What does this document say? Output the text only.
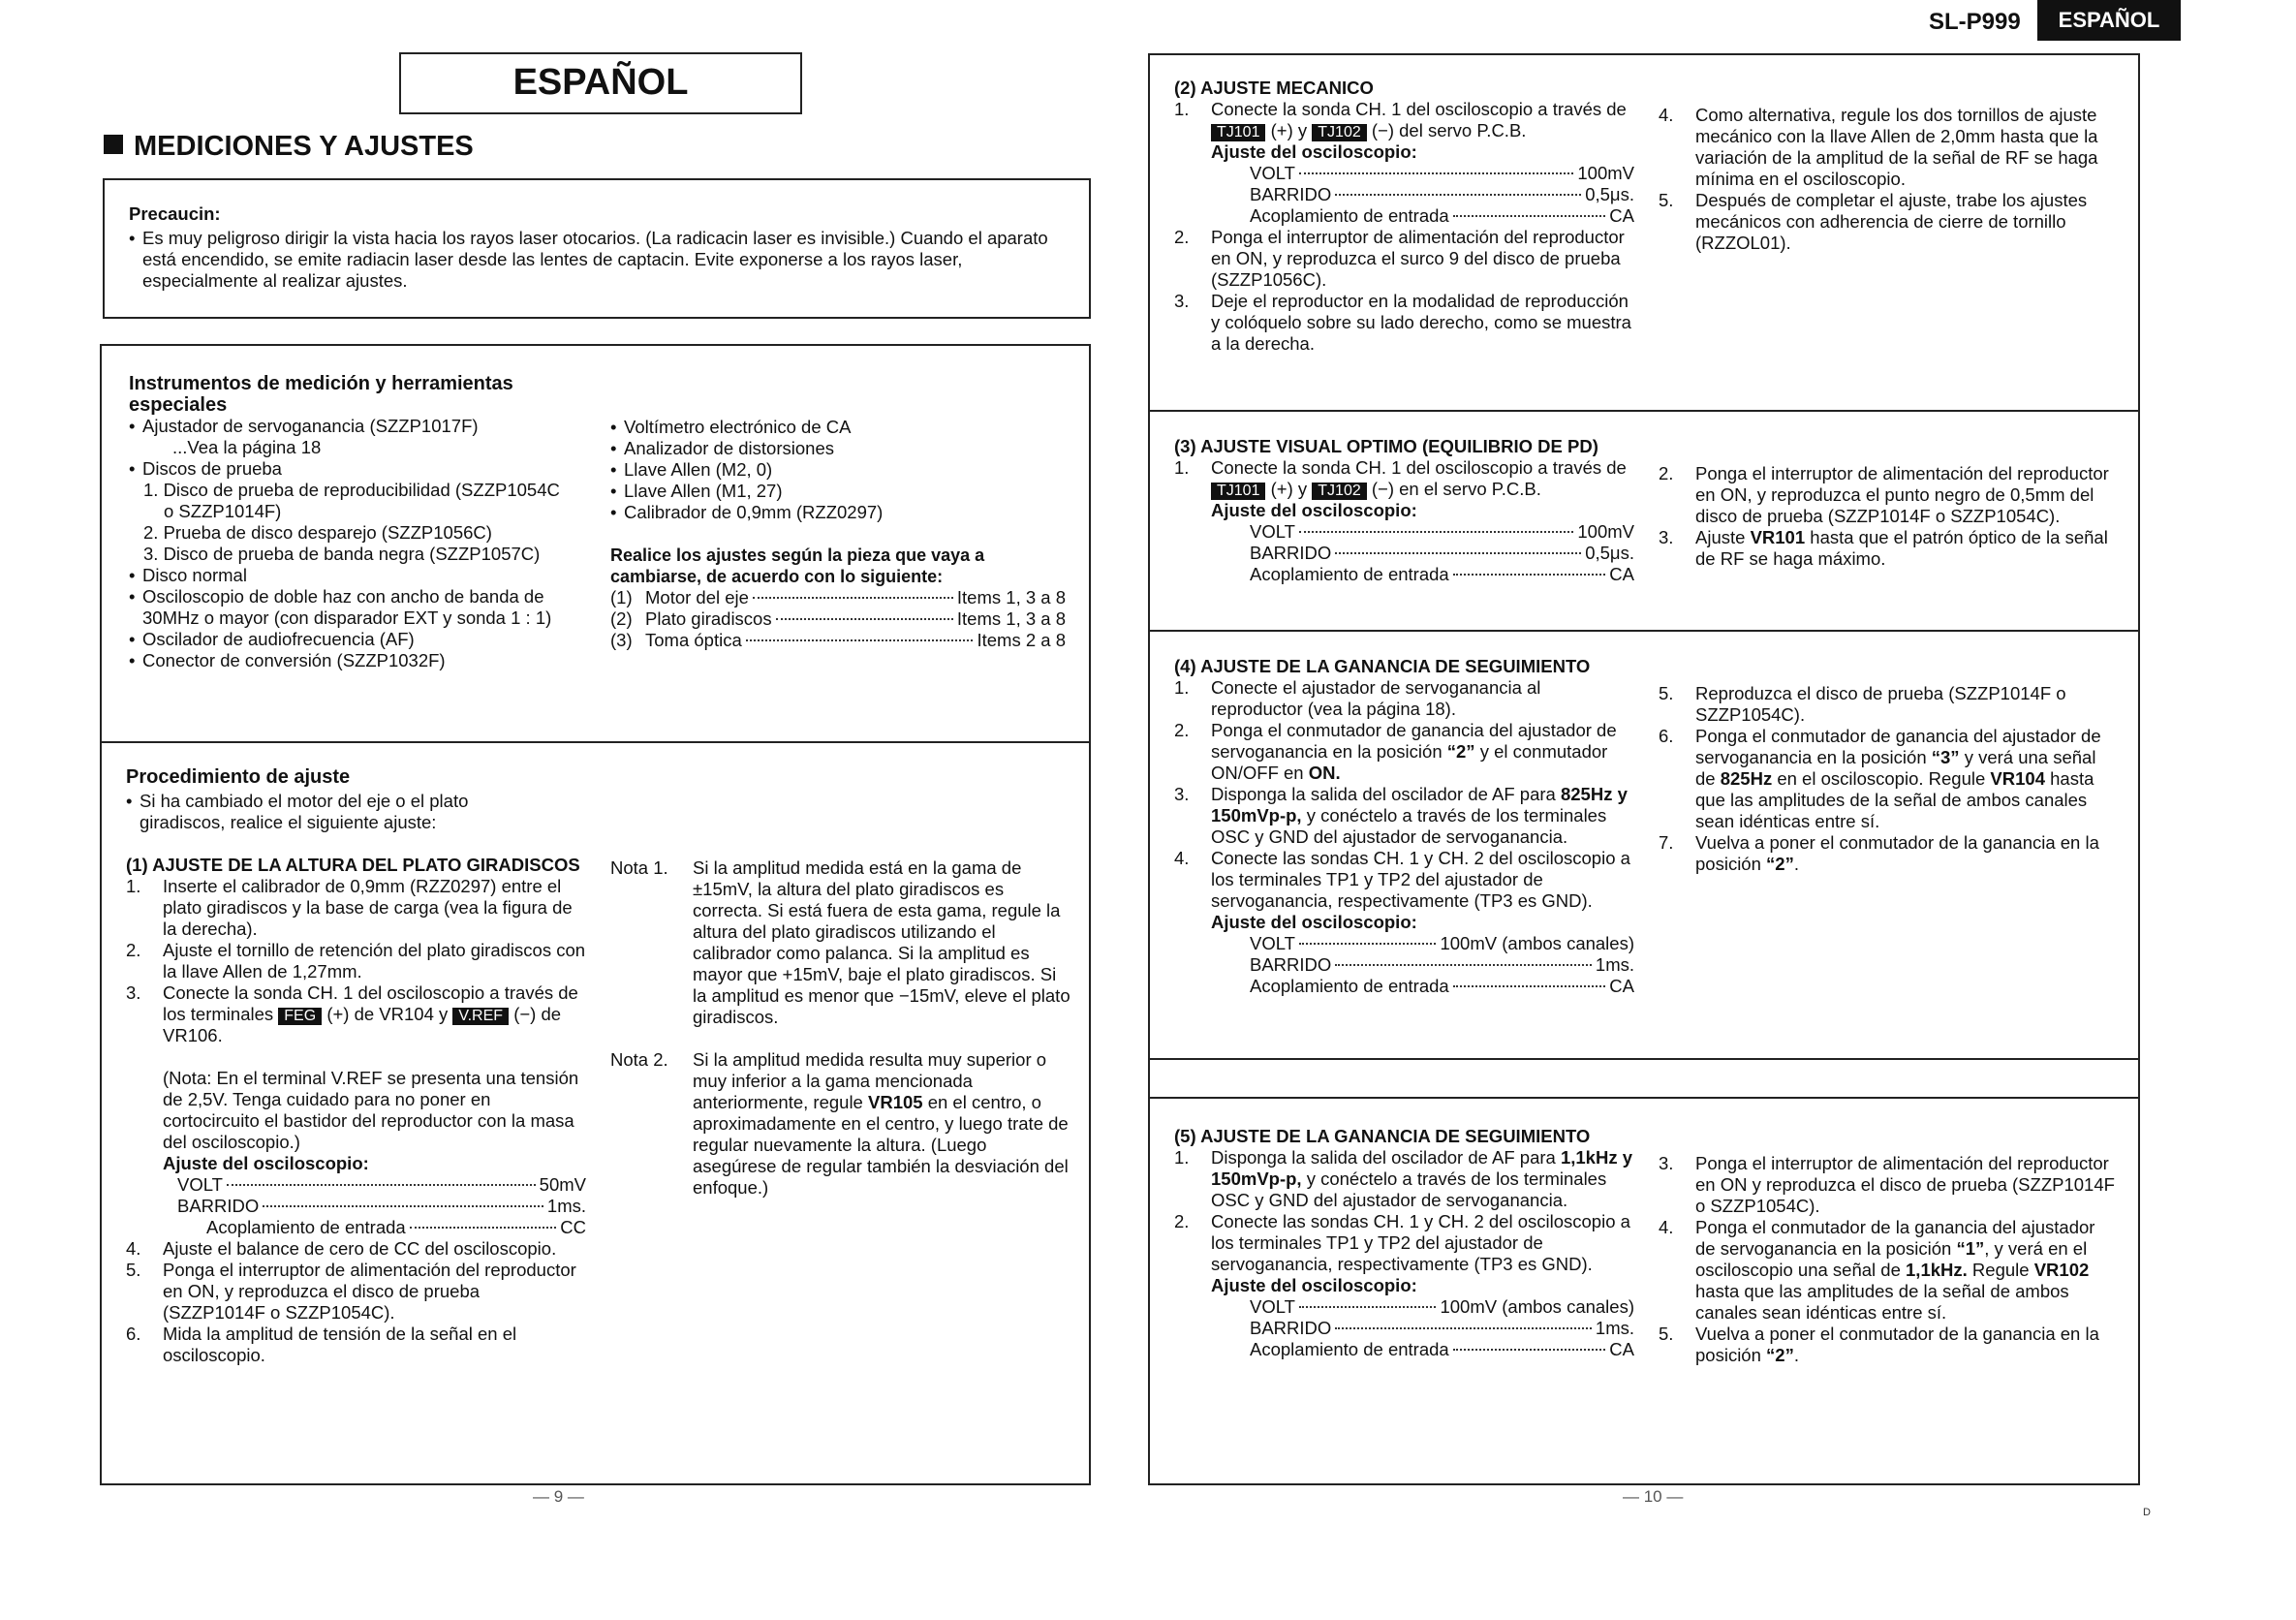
SL-P999	ESPAÑOL
ESPAÑOL
MEDICIONES Y AJUSTES

Precaucin:

• Es muy peligroso dirigir la vista hacia los rayos laser otocarios. (La radicacin laser es invisible.) Cuando el aparato está encendido, se emite radiacin laser desde las lentes de captacin. Evite exponerse a los rayos laser, especialmente al realizar ajustes.

Instrumentos de medición y herramientas especiales

• Ajustador de servoganancia (SZZP1017F)

...Vea la página 18

• Discos de prueba

1. Disco de prueba de reproducibilidad (SZZP1054C

o SZZP1014F)

2. Prueba de disco desparejo (SZZP1056C)

3. Disco de prueba de banda negra (SZZP1057C)

• Disco normal

• Osciloscopio de doble haz con ancho de banda de

30MHz o mayor (con disparador EXT y sonda 1 : 1)

• Oscilador de audiofrecuencia (AF)

• Conector de conversión (SZZP1032F)

• Voltímetro electrónico de CA

• Analizador de distorsiones

• Llave Allen (M2, 0)

• Llave Allen (M1, 27)

• Calibrador de 0,9mm (RZZ0297)

Realice los ajustes según la pieza que vaya a cambiarse, de acuerdo con lo siguiente:

(1) Motor del eje	Items 1, 3 a 8
(2) Plato giradiscos	Items 1, 3 a 8
(3) Toma óptica	Items 2 a 8

Procedimiento de ajuste

• Si ha cambiado el motor del eje o el plato

giradiscos, realice el siguiente ajuste:

(1) AJUSTE DE LA ALTURA DEL PLATO GIRADISCOS

1. Inserte el calibrador de 0,9mm (RZZ0297) entre el plato giradiscos y la base de carga (vea la figura de la derecha).
2. Ajuste el tornillo de retención del plato giradiscos con la llave Allen de 1,27mm.
3. Conecte la sonda CH. 1 del osciloscopio a través de los terminales FEG (+) de VR104 y V.REF (−) de VR106.

(Nota: En el terminal V.REF se presenta una tensión de 2,5V. Tenga cuidado para no poner en cortocircuito el bastidor del reproductor con la masa del osciloscopio.)

Ajuste del osciloscopio:

VOLT	50mV
BARRIDO	1ms.
Acoplamiento de entrada	CC
4. Ajuste el balance de cero de CC del osciloscopio.
5. Ponga el interruptor de alimentación del reproductor en ON, y reproduzca el disco de prueba (SZZP1014F o SZZP1054C).
6. Mida la amplitud de tensión de la señal en el osciloscopio.

Nota 1. Si la amplitud medida está en la gama de ±15mV, la altura del plato giradiscos es correcta. Si está fuera de esta gama, regule la altura del plato giradiscos utilizando el calibrador como palanca. Si la amplitud es mayor que +15mV, baje el plato giradiscos. Si la amplitud es menor que −15mV, eleve el plato giradiscos.

Nota 2. Si la amplitud medida resulta muy superior o muy inferior a la gama mencionada anteriormente, regule VR105 en el centro, o aproximadamente en el centro, y luego trate de regular nuevamente la altura. (Luego asegúrese de regular también la desviación del enfoque.)

— 9 —

(2) AJUSTE MECANICO

1. Conecte la sonda CH. 1 del osciloscopio a través de TJ101 (+) y TJ102 (−) del servo P.C.B.

Ajuste del osciloscopio:

VOLT	100mV
BARRIDO	0,5μs.
Acoplamiento de entrada	CA
2. Ponga el interruptor de alimentación del reproductor en ON, y reproduzca el surco 9 del disco de prueba (SZZP1056C).
3. Deje el reproductor en la modalidad de reproducción y colóquelo sobre su lado derecho, como se muestra a la derecha.
4. Como alternativa, regule los dos tornillos de ajuste mecánico con la llave Allen de 2,0mm hasta que la variación de la amplitud de la señal de RF se haga mínima en el osciloscopio.
5. Después de completar el ajuste, trabe los ajustes mecánicos con adherencia de cierre de tornillo (RZZOL01).

(3) AJUSTE VISUAL OPTIMO (EQUILIBRIO DE PD)

1. Conecte la sonda CH. 1 del osciloscopio a través de TJ101 (+) y TJ102 (−) en el servo P.C.B.

Ajuste del osciloscopio:

VOLT	100mV
BARRIDO	0,5μs.
Acoplamiento de entrada	CA
2. Ponga el interruptor de alimentación del reproductor en ON, y reproduzca el punto negro de 0,5mm del disco de prueba (SZZP1014F o SZZP1054C).
3. Ajuste VR101 hasta que el patrón óptico de la señal de RF se haga máximo.

(4) AJUSTE DE LA GANANCIA DE SEGUIMIENTO

1. Conecte el ajustador de servoganancia al reproductor (vea la página 18).
2. Ponga el conmutador de ganancia del ajustador de servoganancia en la posición “2” y el conmutador ON/OFF en ON.
3. Disponga la salida del oscilador de AF para 825Hz y 150mVp-p, y conéctelo a través de los terminales OSC y GND del ajustador de servoganancia.
4. Conecte las sondas CH. 1 y CH. 2 del osciloscopio a los terminales TP1 y TP2 del ajustador de servoganancia, respectivamente (TP3 es GND).

Ajuste del osciloscopio:

VOLT	100mV (ambos canales)
BARRIDO	1ms.
Acoplamiento de entrada	CA
5. Reproduzca el disco de prueba (SZZP1014F o SZZP1054C).
6. Ponga el conmutador de ganancia del ajustador de servoganancia en la posición “3” y verá una señal de 825Hz en el osciloscopio. Regule VR104 hasta que las amplitudes de la señal de ambos canales sean idénticas entre sí.
7. Vuelva a poner el conmutador de la ganancia en la posición “2”.

(5) AJUSTE DE LA GANANCIA DE SEGUIMIENTO

1. Disponga la salida del oscilador de AF para 1,1kHz y 150mVp-p, y conéctelo a través de los terminales OSC y GND del ajustador de servoganancia.
2. Conecte las sondas CH. 1 y CH. 2 del osciloscopio a los terminales TP1 y TP2 del ajustador de servoganancia, respectivamente (TP3 es GND).

Ajuste del osciloscopio:

VOLT	100mV (ambos canales)
BARRIDO	1ms.
Acoplamiento de entrada	CA
3. Ponga el interruptor de alimentación del reproductor en ON y reproduzca el disco de prueba (SZZP1014F o SZZP1054C).
4. Ponga el conmutador de la ganancia del ajustador de servoganancia en la posición “1”, y verá en el osciloscopio una señal de 1,1kHz. Regule VR102 hasta que las amplitudes de la señal de ambos canales sean idénticas entre sí.
5. Vuelva a poner el conmutador de la ganancia en la posición “2”.
— 10 —
D
